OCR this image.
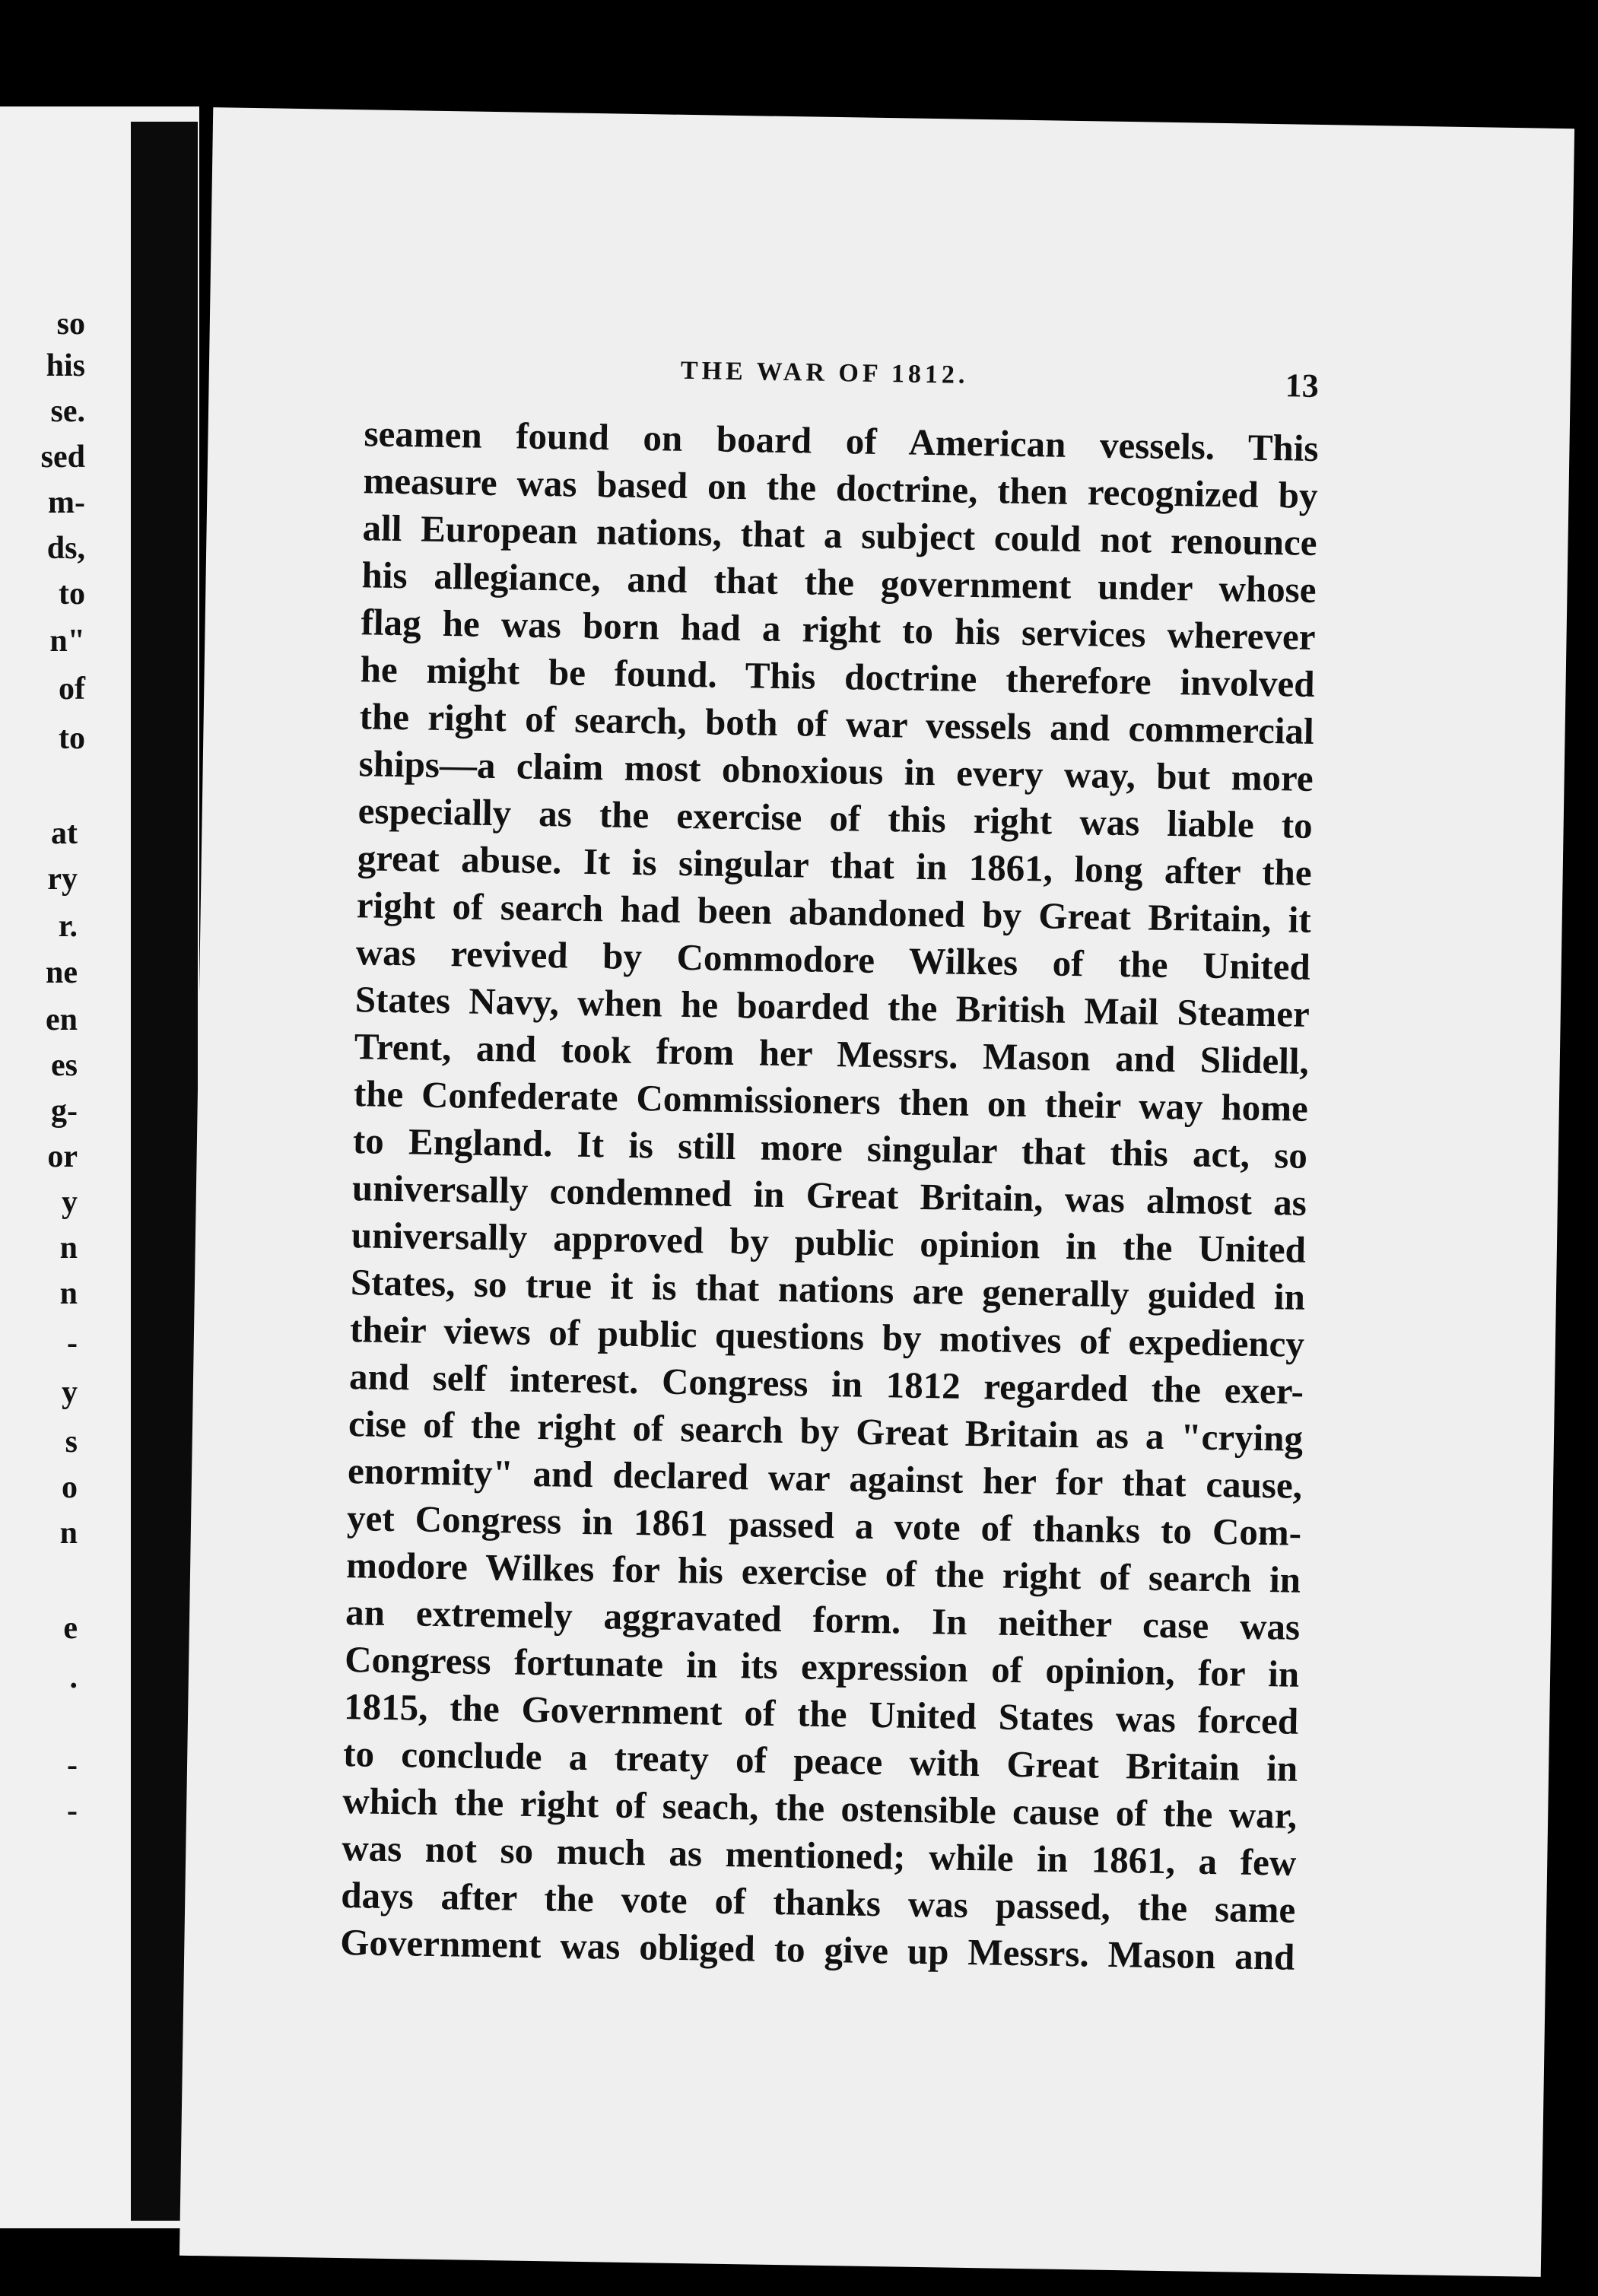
so
his
se.
sed
m-
ds,
to
n"
of
to
at
ry
r.
ne
en
es
g-
or
y
n
n
-
y
s
o
n
e
.
-
-
THE WAR OF 1812.	13
seamen found on board of American vessels. This
measure was based on the doctrine, then recognized by
all European nations, that a subject could not renounce
his allegiance, and that the government under whose
flag he was born had a right to his services wherever
he might be found. This doctrine therefore involved
the right of search, both of war vessels and commercial
ships—a claim most obnoxious in every way, but more
especially as the exercise of this right was liable to
great abuse. It is singular that in 1861, long after the
right of search had been abandoned by Great Britain, it
was revived by Commodore Wilkes of the United
States Navy, when he boarded the British Mail Steamer
Trent, and took from her Messrs. Mason and Slidell,
the Confederate Commissioners then on their way home
to England. It is still more singular that this act, so
universally condemned in Great Britain, was almost as
universally approved by public opinion in the United
States, so true it is that nations are generally guided in
their views of public questions by motives of expediency
and self interest. Congress in 1812 regarded the exer-
cise of the right of search by Great Britain as a "crying
enormity" and declared war against her for that cause,
yet Congress in 1861 passed a vote of thanks to Com-
modore Wilkes for his exercise of the right of search in
an extremely aggravated form. In neither case was
Congress fortunate in its expression of opinion, for in
1815, the Government of the United States was forced
to conclude a treaty of peace with Great Britain in
which the right of seach, the ostensible cause of the war,
was not so much as mentioned; while in 1861, a few
days after the vote of thanks was passed, the same
Government was obliged to give up Messrs. Mason and
